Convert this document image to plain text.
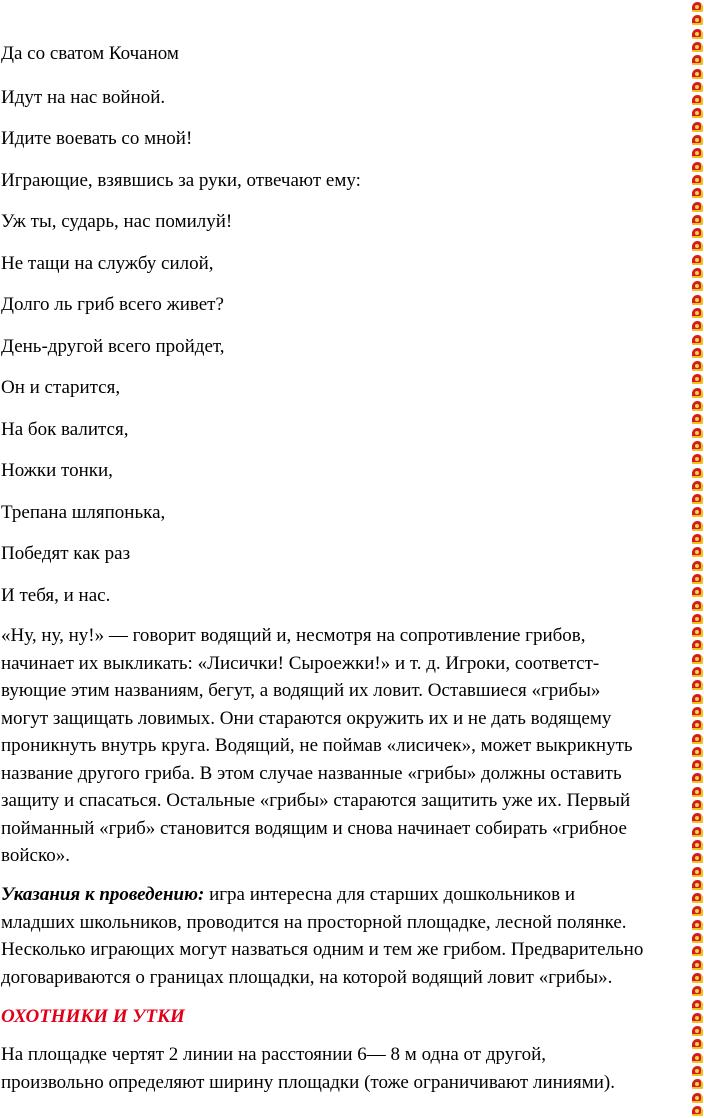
Да со сватом Кочаном

Идут на нас войной.

Идите воевать со мной!

Играющие, взявшись за руки, отвечают ему:

Уж ты, сударь, нас помилуй!

Не тащи на службу силой,

Долго ль гриб всего живет?

День-другой всего пройдет,

Он и старится,

На бок валится,

Ножки тонки,

Трепана шляпонька,

Победят как раз

И тебя, и нас.

«Ну, ну, ну!» — говорит водящий и, несмотря на сопротивление грибов,
начинает их выкликать: «Лисички! Сыроежки!» и т. д. Игроки, соответст-
вующие этим названиям, бегут, а водящий их ловит. Оставшиеся «грибы»
могут защищать ловимых. Они стараются окружить их и не дать водящему
проникнуть внутрь круга. Водящий, не поймав «лисичек», может выкрикнуть
название другого гриба. В этом случае названные «грибы» должны оставить
защиту и спасаться. Остальные «грибы» стараются защитить уже их. Первый
пойманный «гриб» становится водящим и снова начинает собирать «грибное
войско».
Указания к проведению: игра интересна для старших дошкольников и
младших школьников, проводится на просторной площадке, лесной полянке.
Несколько играющих могут назваться одним и тем же грибом. Предварительно
договариваются о границах площадки, на которой водящий ловит «грибы».
ОХОТНИКИ И УТКИ
На площадке чертят 2 линии на расстоянии 6— 8 м одна от другой,
произвольно определяют ширину площадки (тоже ограничивают линиями).
